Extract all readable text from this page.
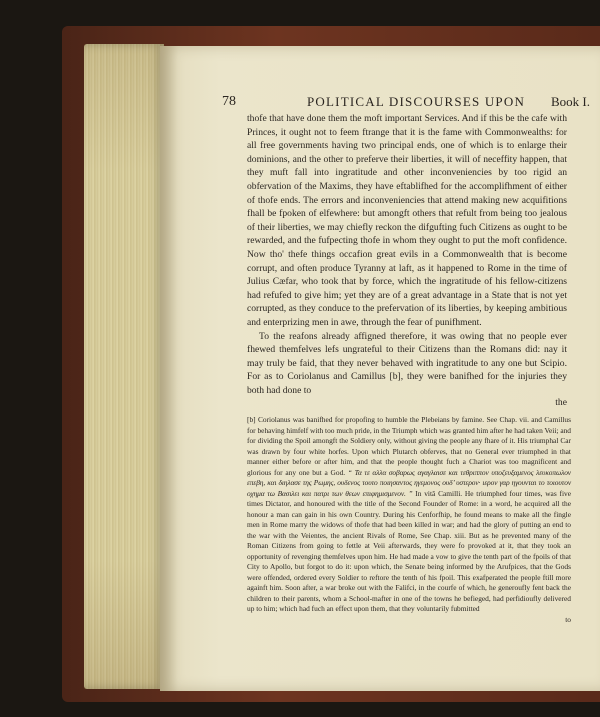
78	POLITICAL DISCOURSES UPON Book I.

thofe that have done them the moft important Services. And if this be the cafe with Princes, it ought not to feem ftrange that it is the fame with Commonwealths: for all free governments having two principal ends, one of which is to enlarge their dominions, and the other to preferve their liberties, it will of neceffity happen, that they muft fall into ingratitude and other inconveniencies by too rigid an obfervation of the Maxims, they have eftablifhed for the accomplifhment of either of thofe ends. The errors and inconveniencies that attend making new acquifitions fhall be fpoken of elfewhere: but amongft others that refult from being too jealous of their liberties, we may chiefly reckon the difgufting fuch Citizens as ought to be rewarded, and the fufpecting thofe in whom they ought to put the moft confidence. Now tho' thefe things occafion great evils in a Commonwealth that is become corrupt, and often produce Tyranny at laft, as it happened to Rome in the time of Julius Cæfar, who took that by force, which the ingratitude of his fellow-citizens had refufed to give him; yet they are of a great advantage in a State that is not yet corrupted, as they conduce to the prefervation of its liberties, by keeping ambitious and enterprizing men in awe, through the fear of punifhment.

To the reafons already affigned therefore, it was owing that no people ever fhewed themfelves lefs ungrateful to their Citizens than the Romans did: nay it may truly be faid, that they never behaved with ingratitude to any one but Scipio. For as to Coriolanus and Camillus [b], they were banifhed for the injuries they both had done to

the
[b] Coriolanus was banifhed for propofing to humble the Plebeians by famine. See Chap. vii. and Camillus for behaving himfelf with too much pride, in the Triumph which was granted him after he had taken Veii; and for dividing the Spoil amongft the Soldiery only, without giving the people any fhare of it. His triumphal Car was drawn by four white horfes. Upon which Plutarch obferves, that no General ever triumphed in that manner either before or after him, and that the people thought fuch a Chariot was too magnificent and glorious for any one but a God. “ Τα τε αλλα σοβαρως αγαγλαισε και τεθριππον υποζευξαμενος λευκοπωλον επεβη, και διηλασε της Ρωμης, ουδενος τουτο ποιησαντος ηγεμονος ουδ’ υστερον· ιερον γαρ ηγουνται το τοιουτον οχημα τω Βασιλει και πατρι των θεων επιφημισμενον. ” In vitâ Camilli. He triumphed four times, was five times Dictator, and honoured with the title of the Second Founder of Rome: in a word, he acquired all the honour a man can gain in his own Country. During his Cenforfhip, he found means to make all the fingle men in Rome marry the widows of thofe that had been killed in war; and had the glory of putting an end to the war with the Veientes, the ancient Rivals of Rome, See Chap. xiii. But as he prevented many of the Roman Citizens from going to fettle at Veii afterwards, they were fo provoked at it, that they took an opportunity of revenging themfelves upon him. He had made a vow to give the tenth part of the fpoils of that City to Apollo, but forgot to do it: upon which, the Senate being informed by the Arufpices, that the Gods were offended, ordered every Soldier to reftore the tenth of his fpoil. This exafperated the people ftill more againft him. Soon after, a war broke out with the Falifci, in the courfe of which, he generoufly fent back the children to their parents, whom a School-mafter in one of the towns he befieged, had perfidioufly delivered up to him; which had fuch an effect upon them, that they voluntarily fubmitted
to
